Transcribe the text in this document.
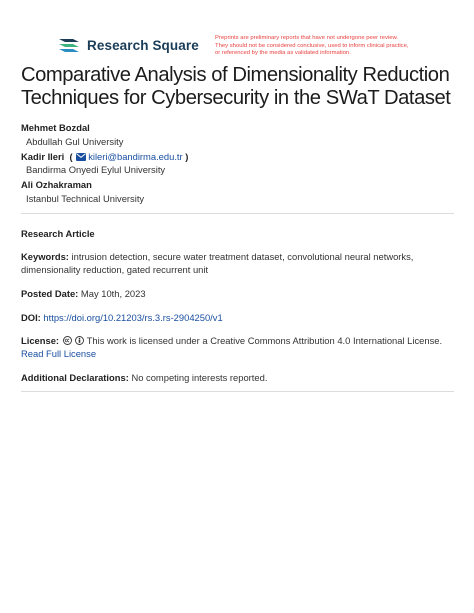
Research Square
Preprints are preliminary reports that have not undergone peer review.
They should not be considered conclusive, used to inform clinical practice,
or referenced by the media as validated information.
Comparative Analysis of Dimensionality Reduction
Techniques for Cybersecurity in the SWaT Dataset
Mehmet Bozdal
Abdullah Gul University
Kadir Ileri  ( kileri@bandirma.edu.tr )
Bandirma Onyedi Eylul University
Ali Ozhakraman
Istanbul Technical University
Research Article
Keywords: intrusion detection, secure water treatment dataset, convolutional neural networks,
dimensionality reduction, gated recurrent unit
Posted Date: May 10th, 2023
DOI: https://doi.org/10.21203/rs.3.rs-2904250/v1
License:	This work is licensed under a Creative Commons Attribution 4.0 International License.
Read Full License
Additional Declarations: No competing interests reported.
